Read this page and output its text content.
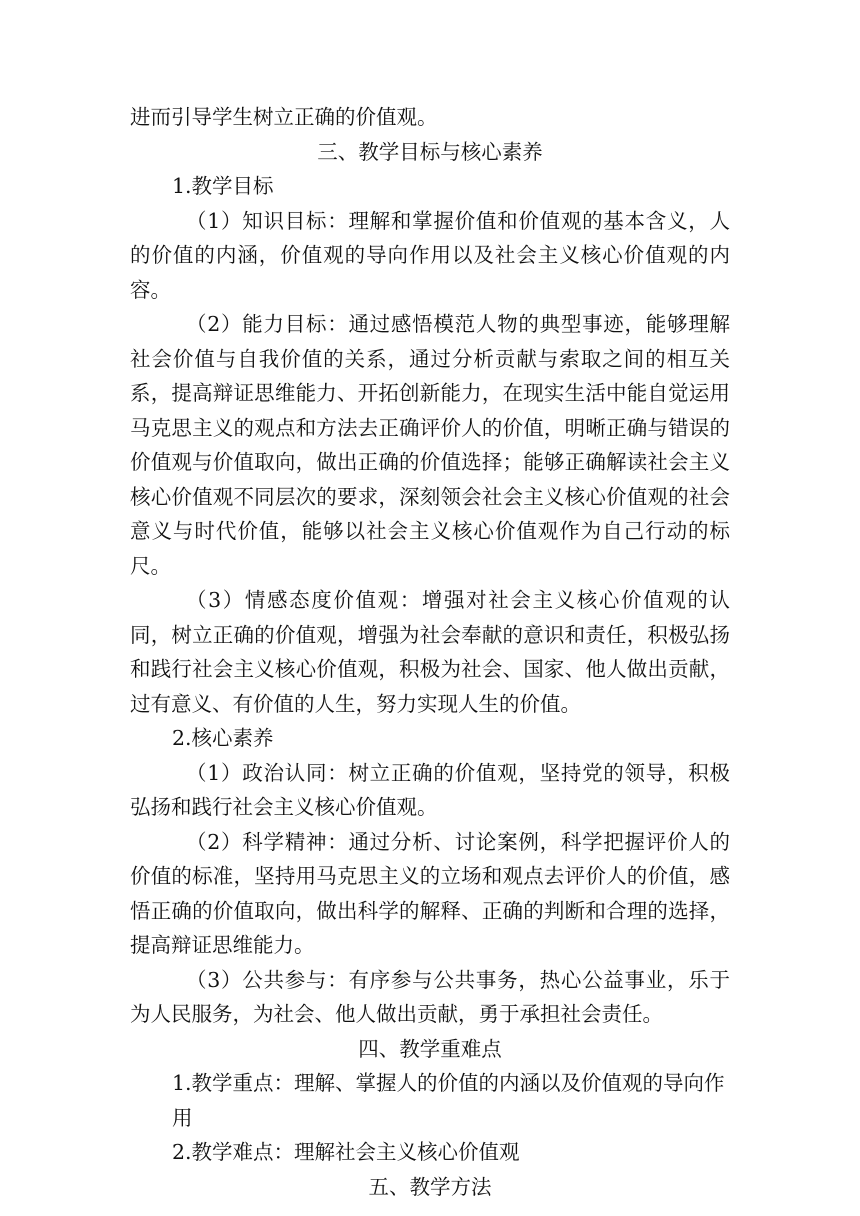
进而引导学生树立正确的价值观。

三、教学目标与核心素养

1.教学目标

（1）知识目标：理解和掌握价值和价值观的基本含义，人的价值的内涵，价值观的导向作用以及社会主义核心价值观的内容。

（2）能力目标：通过感悟模范人物的典型事迹，能够理解社会价值与自我价值的关系，通过分析贡献与索取之间的相互关系，提高辩证思维能力、开拓创新能力，在现实生活中能自觉运用马克思主义的观点和方法去正确评价人的价值，明晰正确与错误的价值观与价值取向，做出正确的价值选择；能够正确解读社会主义核心价值观不同层次的要求，深刻领会社会主义核心价值观的社会意义与时代价值，能够以社会主义核心价值观作为自己行动的标尺。

（3）情感态度价值观：增强对社会主义核心价值观的认同，树立正确的价值观，增强为社会奉献的意识和责任，积极弘扬和践行社会主义核心价值观，积极为社会、国家、他人做出贡献，过有意义、有价值的人生，努力实现人生的价值。

2.核心素养

（1）政治认同：树立正确的价值观，坚持党的领导，积极弘扬和践行社会主义核心价值观。

（2）科学精神：通过分析、讨论案例，科学把握评价人的价值的标准，坚持用马克思主义的立场和观点去评价人的价值，感悟正确的价值取向，做出科学的解释、正确的判断和合理的选择，提高辩证思维能力。

（3）公共参与：有序参与公共事务，热心公益事业，乐于为人民服务，为社会、他人做出贡献，勇于承担社会责任。

四、教学重难点

1.教学重点：理解、掌握人的价值的内涵以及价值观的导向作用

2.教学难点：理解社会主义核心价值观

五、教学方法
